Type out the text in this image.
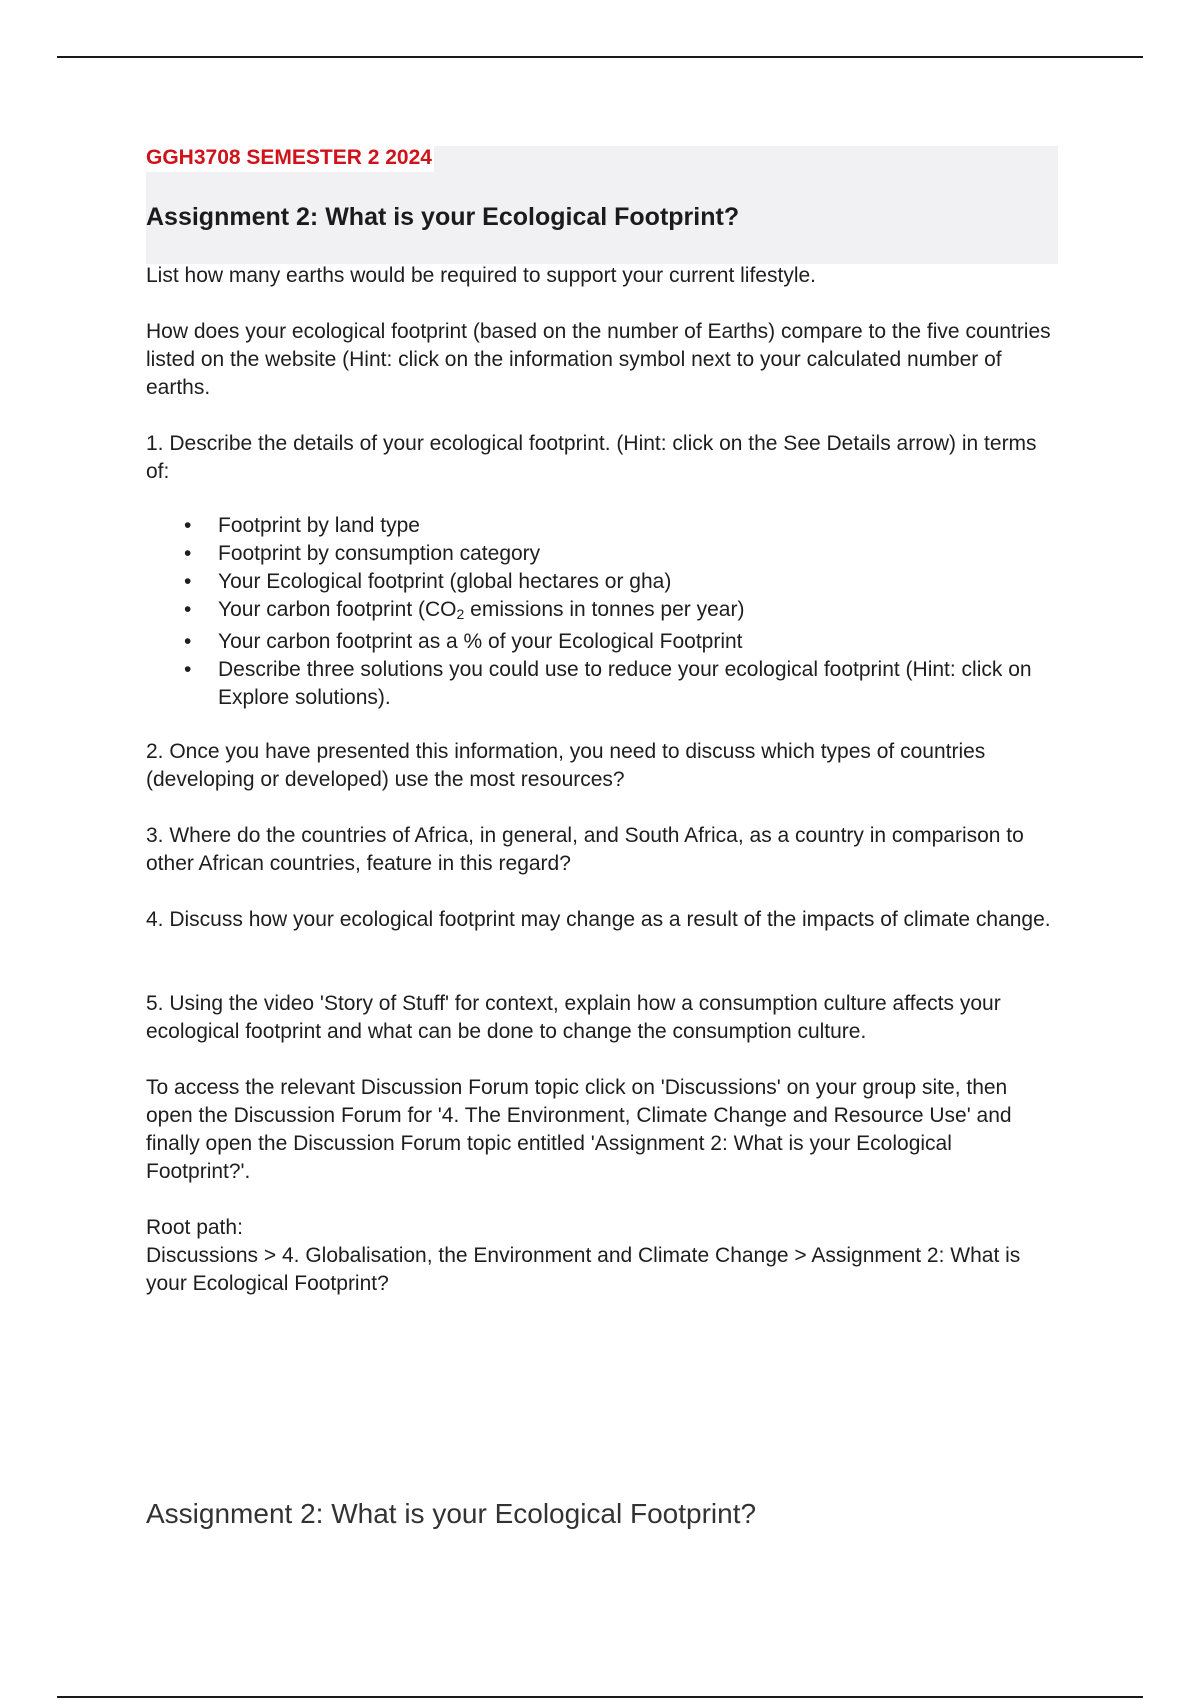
GGH3708 SEMESTER 2 2024
Assignment 2: What is your Ecological Footprint?

List how many earths would be required to support your current lifestyle.

How does your ecological footprint (based on the number of Earths) compare to the five countries listed on the website (Hint: click on the information symbol next to your calculated number of earths.

1. Describe the details of your ecological footprint. (Hint: click on the See Details arrow) in terms of:

• Footprint by land type
• Footprint by consumption category
• Your Ecological footprint (global hectares or gha)
• Your carbon footprint (CO2 emissions in tonnes per year)
• Your carbon footprint as a % of your Ecological Footprint
• Describe three solutions you could use to reduce your ecological footprint (Hint: click on Explore solutions).

2. Once you have presented this information, you need to discuss which types of countries (developing or developed) use the most resources?

3. Where do the countries of Africa, in general, and South Africa, as a country in comparison to other African countries, feature in this regard?

4. Discuss how your ecological footprint may change as a result of the impacts of climate change.

5. Using the video 'Story of Stuff' for context, explain how a consumption culture affects your ecological footprint and what can be done to change the consumption culture.

To access the relevant Discussion Forum topic click on 'Discussions' on your group site, then open the Discussion Forum for '4. The Environment, Climate Change and Resource Use' and finally open the Discussion Forum topic entitled 'Assignment 2: What is your Ecological Footprint?'.

Root path:

Discussions > 4. Globalisation, the Environment and Climate Change > Assignment 2: What is your Ecological Footprint?

Assignment 2: What is your Ecological Footprint?
